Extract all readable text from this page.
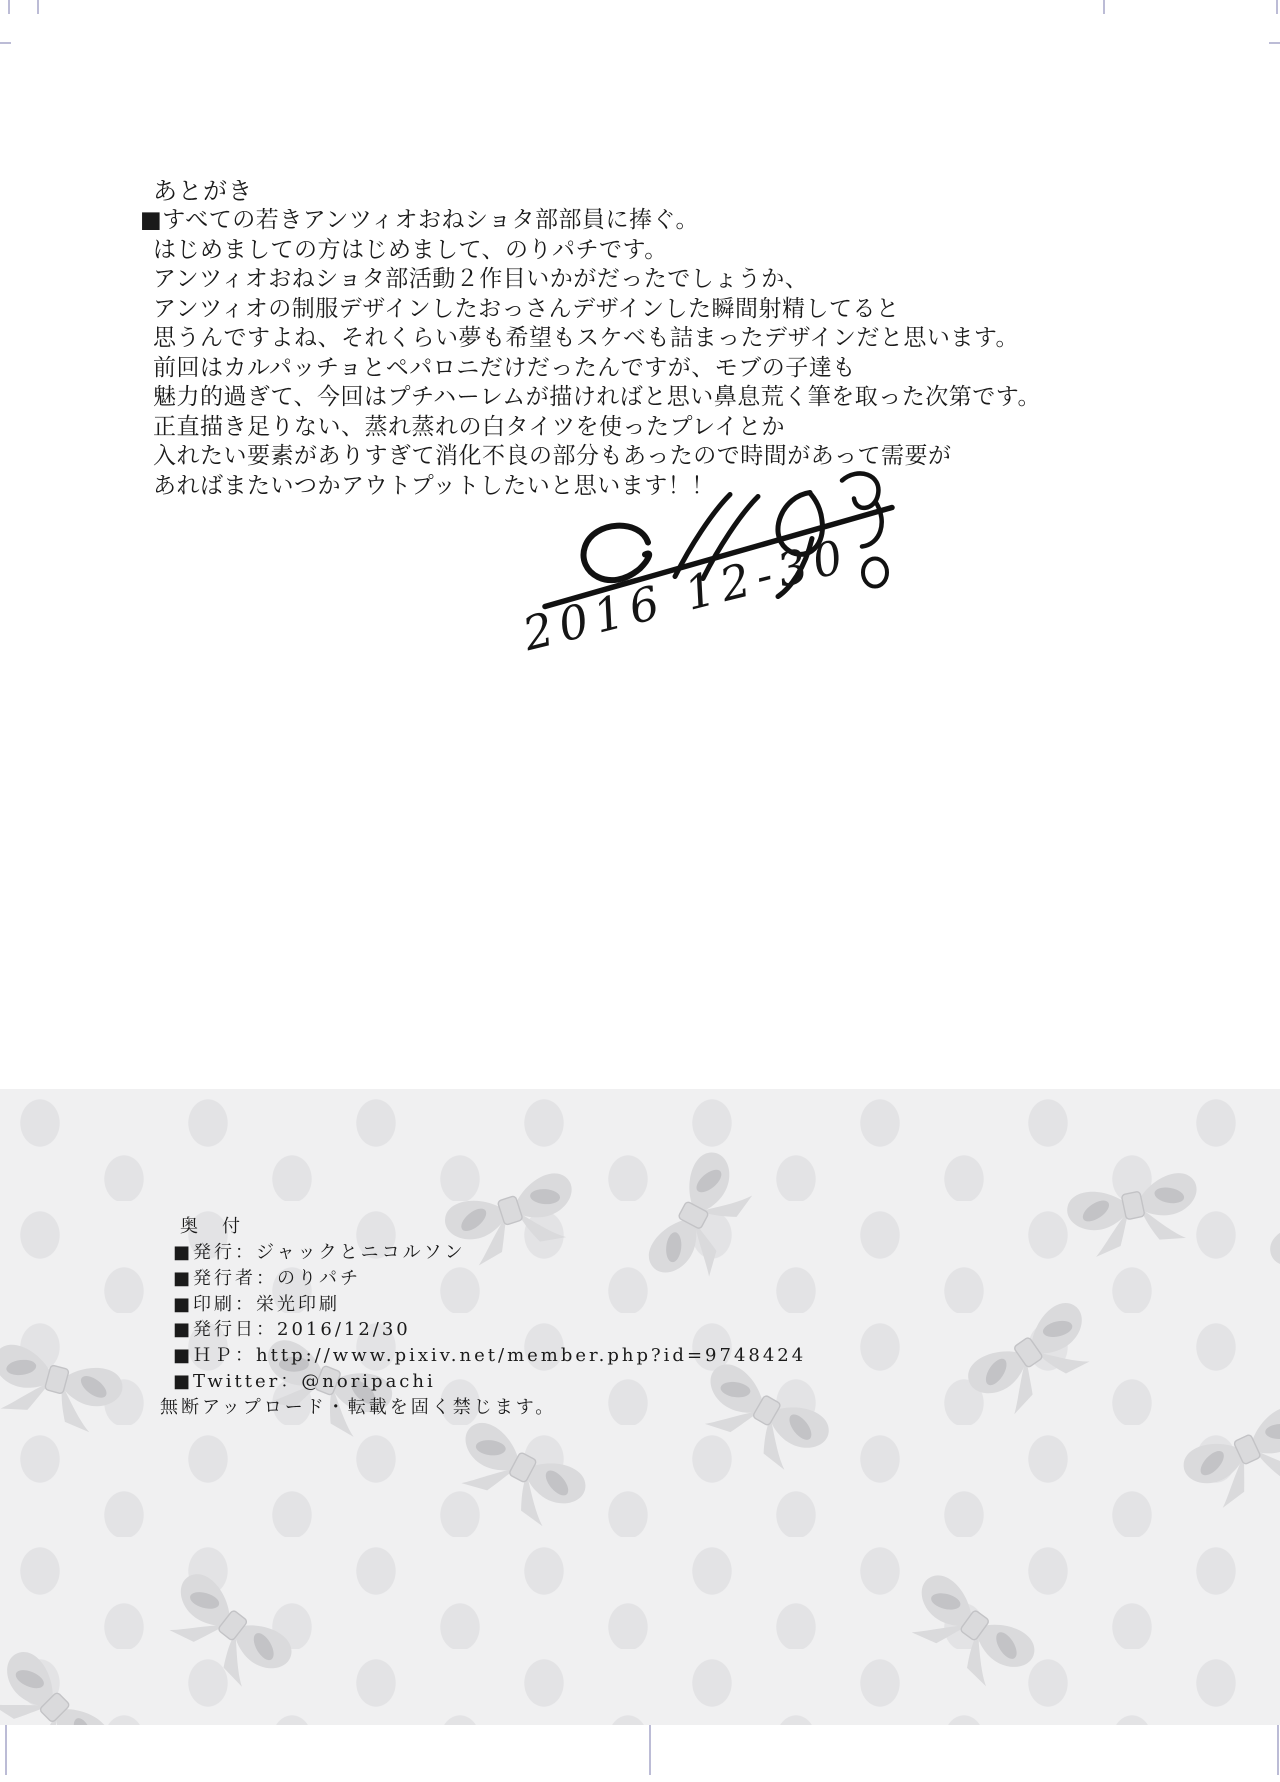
あとがき
■すべての若きアンツィオおねショタ部部員に捧ぐ。
はじめましての方はじめまして、のりパチです。
アンツィオおねショタ部活動２作目いかがだったでしょうか、
アンツィオの制服デザインしたおっさんデザインした瞬間射精してると
思うんですよね、それくらい夢も希望もスケベも詰まったデザインだと思います。
前回はカルパッチョとペパロニだけだったんですが、モブの子達も
魅力的過ぎて、今回はプチハーレムが描ければと思い鼻息荒く筆を取った次第です。
正直描き足りない、蒸れ蒸れの白タイツを使ったプレイとか
入れたい要素がありすぎて消化不良の部分もあったので時間があって需要が
あればまたいつかアウトプットしたいと思います！！
2016 12-30
奥　付
■発行：ジャックとニコルソン
■発行者：のりパチ
■印刷：栄光印刷
■発行日：2016/12/30
■ＨＰ：http://www.pixiv.net/member.php?id=9748424
■Twitter：@noripachi
無断アップロード・転載を固く禁じます。
